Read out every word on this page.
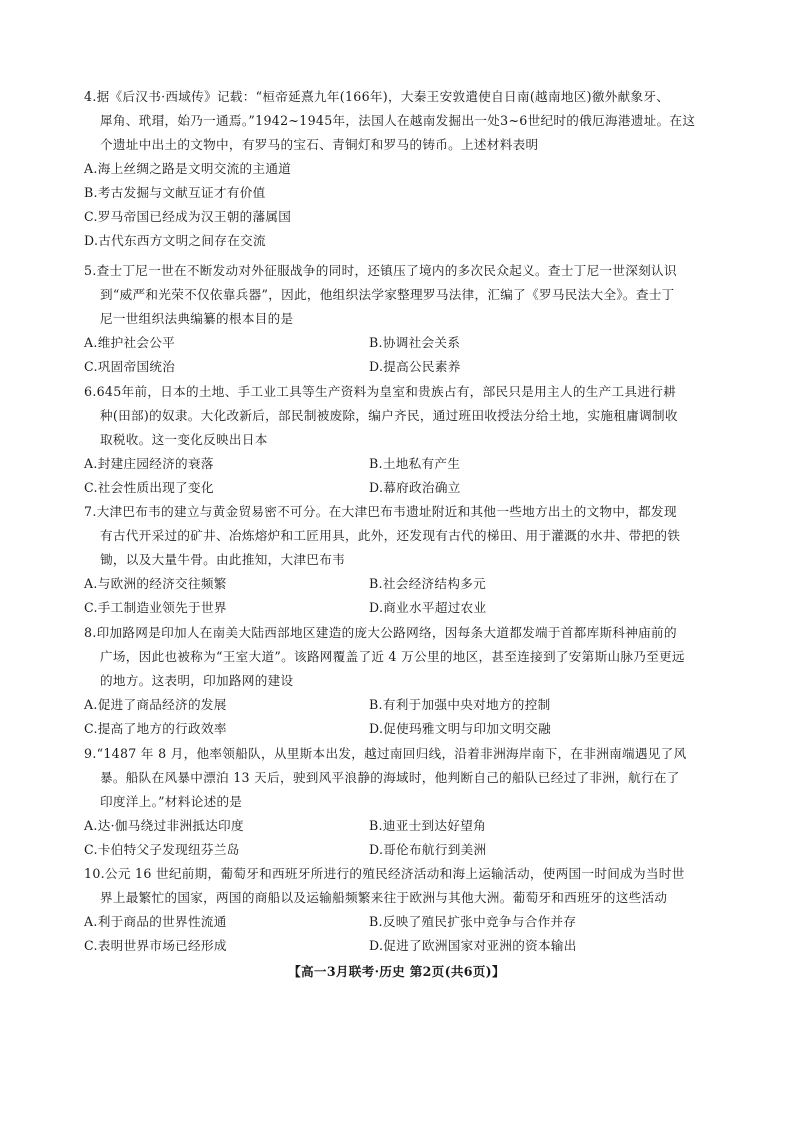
4.据《后汉书·西域传》记载：“桓帝延熹九年(166年)，大秦王安敦遣使自日南(越南地区)徼外献象牙、
犀角、玳瑁，始乃一通焉。”1942~1945年，法国人在越南发掘出一处3~6世纪时的俄厄海港遗址。在这
个遗址中出土的文物中，有罗马的宝石、青铜灯和罗马的铸币。上述材料表明
A.海上丝绸之路是文明交流的主通道
B.考古发掘与文献互证才有价值
C.罗马帝国已经成为汉王朝的藩属国
D.古代东西方文明之间存在交流
5.查士丁尼一世在不断发动对外征服战争的同时，还镇压了境内的多次民众起义。查士丁尼一世深刻认识
到“威严和光荣不仅依靠兵器”，因此，他组织法学家整理罗马法律，汇编了《罗马民法大全》。查士丁
尼一世组织法典编纂的根本目的是
A.维护社会公平	B.协调社会关系
C.巩固帝国统治	D.提高公民素养
6.645年前，日本的土地、手工业工具等生产资料为皇室和贵族占有，部民只是用主人的生产工具进行耕
种(田部)的奴隶。大化改新后，部民制被废除，编户齐民，通过班田收授法分给土地，实施租庸调制收
取税收。这一变化反映出日本
A.封建庄园经济的衰落	B.土地私有产生
C.社会性质出现了变化	D.幕府政治确立
7.大津巴布韦的建立与黄金贸易密不可分。在大津巴布韦遗址附近和其他一些地方出土的文物中，都发现
有古代开采过的矿井、冶炼熔炉和工匠用具，此外，还发现有古代的梯田、用于灌溉的水井、带把的铁
锄，以及大量牛骨。由此推知，大津巴布韦
A.与欧洲的经济交往频繁	B.社会经济结构多元
C.手工制造业领先于世界	D.商业水平超过农业
8.印加路网是印加人在南美大陆西部地区建造的庞大公路网络，因每条大道都发端于首都库斯科神庙前的
广场，因此也被称为“王室大道”。该路网覆盖了近 4 万公里的地区，甚至连接到了安第斯山脉乃至更远
的地方。这表明，印加路网的建设
A.促进了商品经济的发展	B.有利于加强中央对地方的控制
C.提高了地方的行政效率	D.促使玛雅文明与印加文明交融
9.“1487 年 8 月，他率领船队，从里斯本出发，越过南回归线，沿着非洲海岸南下，在非洲南端遇见了风
暴。船队在风暴中漂泊 13 天后，驶到风平浪静的海域时，他判断自己的船队已经过了非洲，航行在了
印度洋上。”材料论述的是
A.达·伽马绕过非洲抵达印度	B.迪亚士到达好望角
C.卡伯特父子发现纽芬兰岛	D.哥伦布航行到美洲
10.公元 16 世纪前期，葡萄牙和西班牙所进行的殖民经济活动和海上运输活动，使两国一时间成为当时世
界上最繁忙的国家，两国的商船以及运输船频繁来往于欧洲与其他大洲。葡萄牙和西班牙的这些活动
A.利于商品的世界性流通	B.反映了殖民扩张中竞争与合作并存
C.表明世界市场已经形成	D.促进了欧洲国家对亚洲的资本输出
【高一3月联考·历史 第2页(共6页)】
